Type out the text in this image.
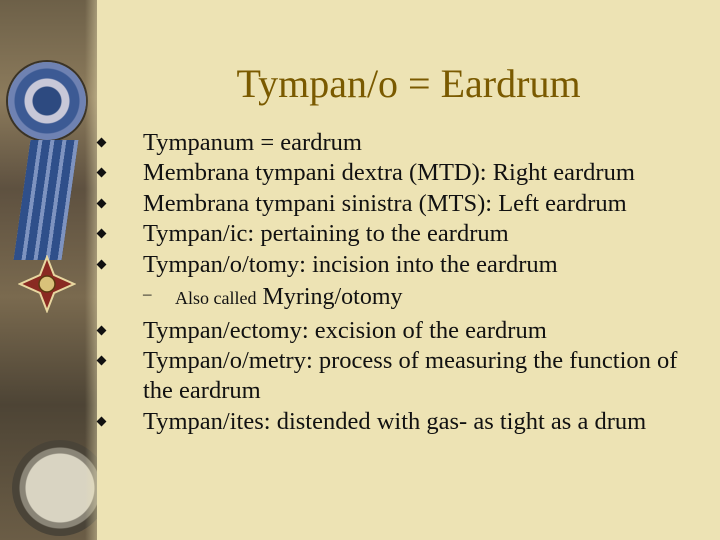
Tympan/o = Eardrum
Tympanum = eardrum
Membrana tympani dextra (MTD): Right eardrum
Membrana tympani sinistra (MTS): Left eardrum
Tympan/ic: pertaining to the eardrum
Tympan/o/tomy: incision into the eardrum
– Also called Myring/otomy
Tympan/ectomy: excision of the eardrum
Tympan/o/metry: process of measuring the function of the eardrum
Tympan/ites: distended with gas- as tight as a drum
